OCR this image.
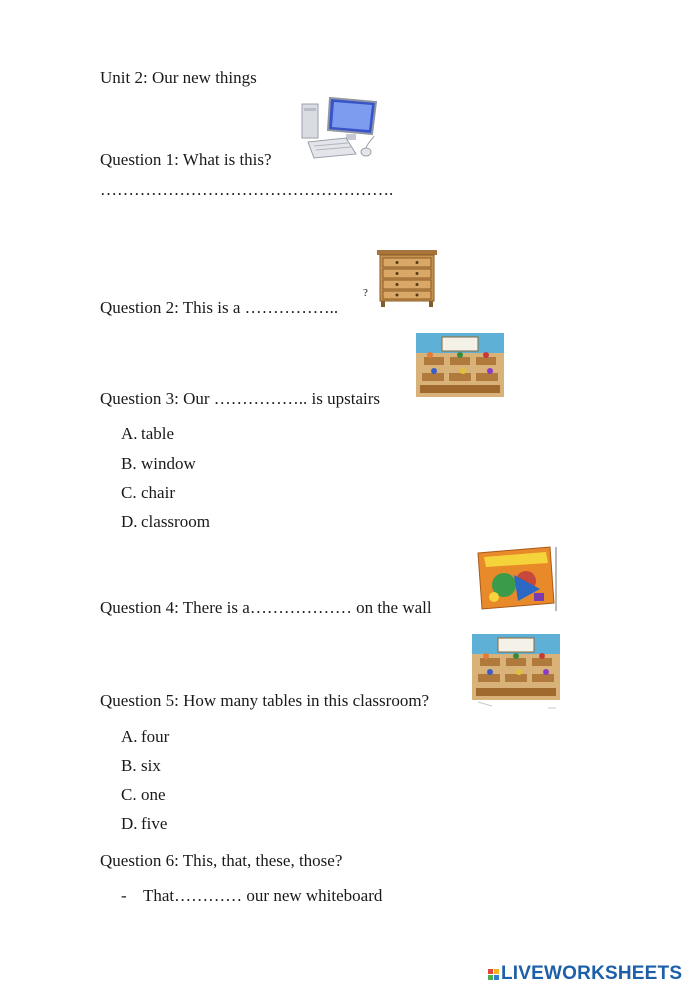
Unit 2: Our new things
Question 1: What is this?
…………………………………………….
Question 2: This is a ……………..
?
Question 3: Our …………….. is upstairs
A. table
B. window
C. chair
D. classroom
Question 4: There is a……………… on the wall
Question 5: How many tables in this classroom?
A. four
B. six
C. one
D. five
Question 6: This, that, these, those?
- That………… our new whiteboard
LIVEWORKSHEETS
